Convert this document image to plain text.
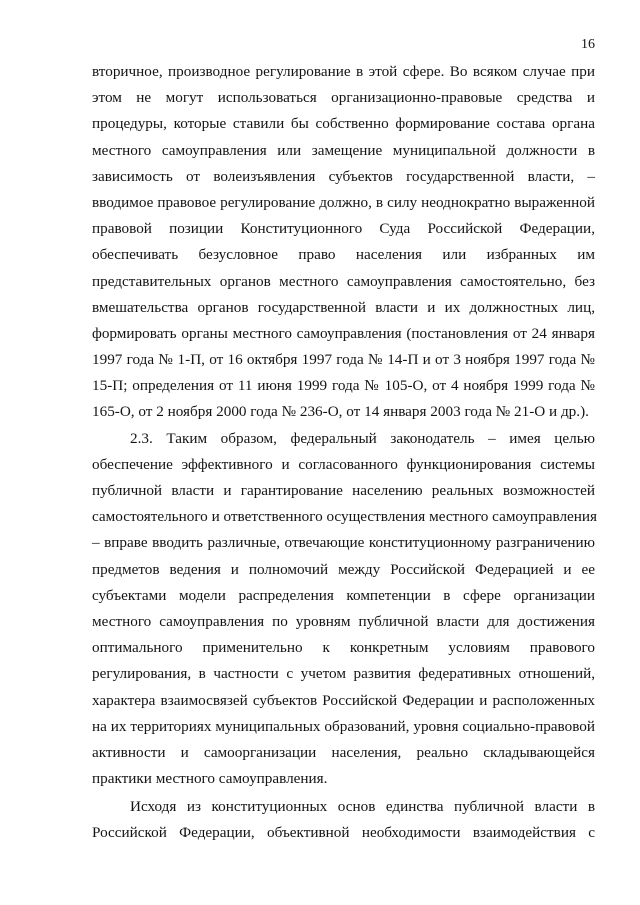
16
вторичное, производное регулирование в этой сфере. Во всяком случае при
этом не могут использоваться организационно-правовые средства и
процедуры, которые ставили бы собственно формирование состава органа
местного самоуправления или замещение муниципальной должности в
зависимость от волеизъявления субъектов государственной власти, –
вводимое правовое регулирование должно, в силу неоднократно выраженной
правовой позиции Конституционного Суда Российской Федерации,
обеспечивать безусловное право населения или избранных им
представительных органов местного самоуправления самостоятельно, без
вмешательства органов государственной власти и их должностных лиц,
формировать органы местного самоуправления (постановления от 24 января
1997 года № 1-П, от 16 октября 1997 года № 14-П и от 3 ноября 1997 года №
15-П; определения от 11 июня 1999 года № 105-О, от 4 ноября 1999 года №
165-О, от 2 ноября 2000 года № 236-О, от 14 января 2003 года № 21-О и др.).
2.3. Таким образом, федеральный законодатель – имея целью
обеспечение эффективного и согласованного функционирования системы
публичной власти и гарантирование населению реальных возможностей
самостоятельного и ответственного осуществления местного самоуправления
– вправе вводить различные, отвечающие конституционному разграничению
предметов ведения и полномочий между Российской Федерацией и ее
субъектами модели распределения компетенции в сфере организации
местного самоуправления по уровням публичной власти для достижения
оптимального применительно к конкретным условиям правового
регулирования, в частности с учетом развития федеративных отношений,
характера взаимосвязей субъектов Российской Федерации и расположенных
на их территориях муниципальных образований, уровня социально-правовой
активности и самоорганизации населения, реально складывающейся
практики местного самоуправления.
Исходя из конституционных основ единства публичной власти в
Российской Федерации, объективной необходимости взаимодействия с
